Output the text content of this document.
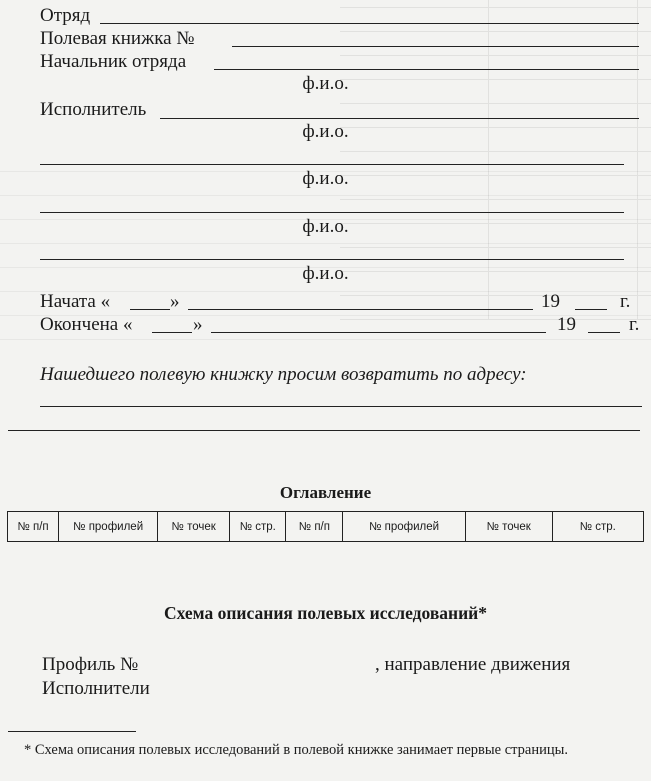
Отряд
Полевая книжка №
Начальник отряда
ф.и.о.
Исполнитель
ф.и.о.
ф.и.о.
ф.и.о.
ф.и.о.
Начата «	»	19	г.
Окончена «	»	19	г.
Нашедшего полевую книжку просим возвратить по адресу:
Оглавление
№ п/п	№ профилей	№ точек	№ стр.	№ п/п	№ профилей	№ точек	№ стр.
Схема описания полевых исследований*
Профиль №	, направление движения
Исполнители
* Схема описания полевых исследований в полевой книжке занимает первые страницы.
